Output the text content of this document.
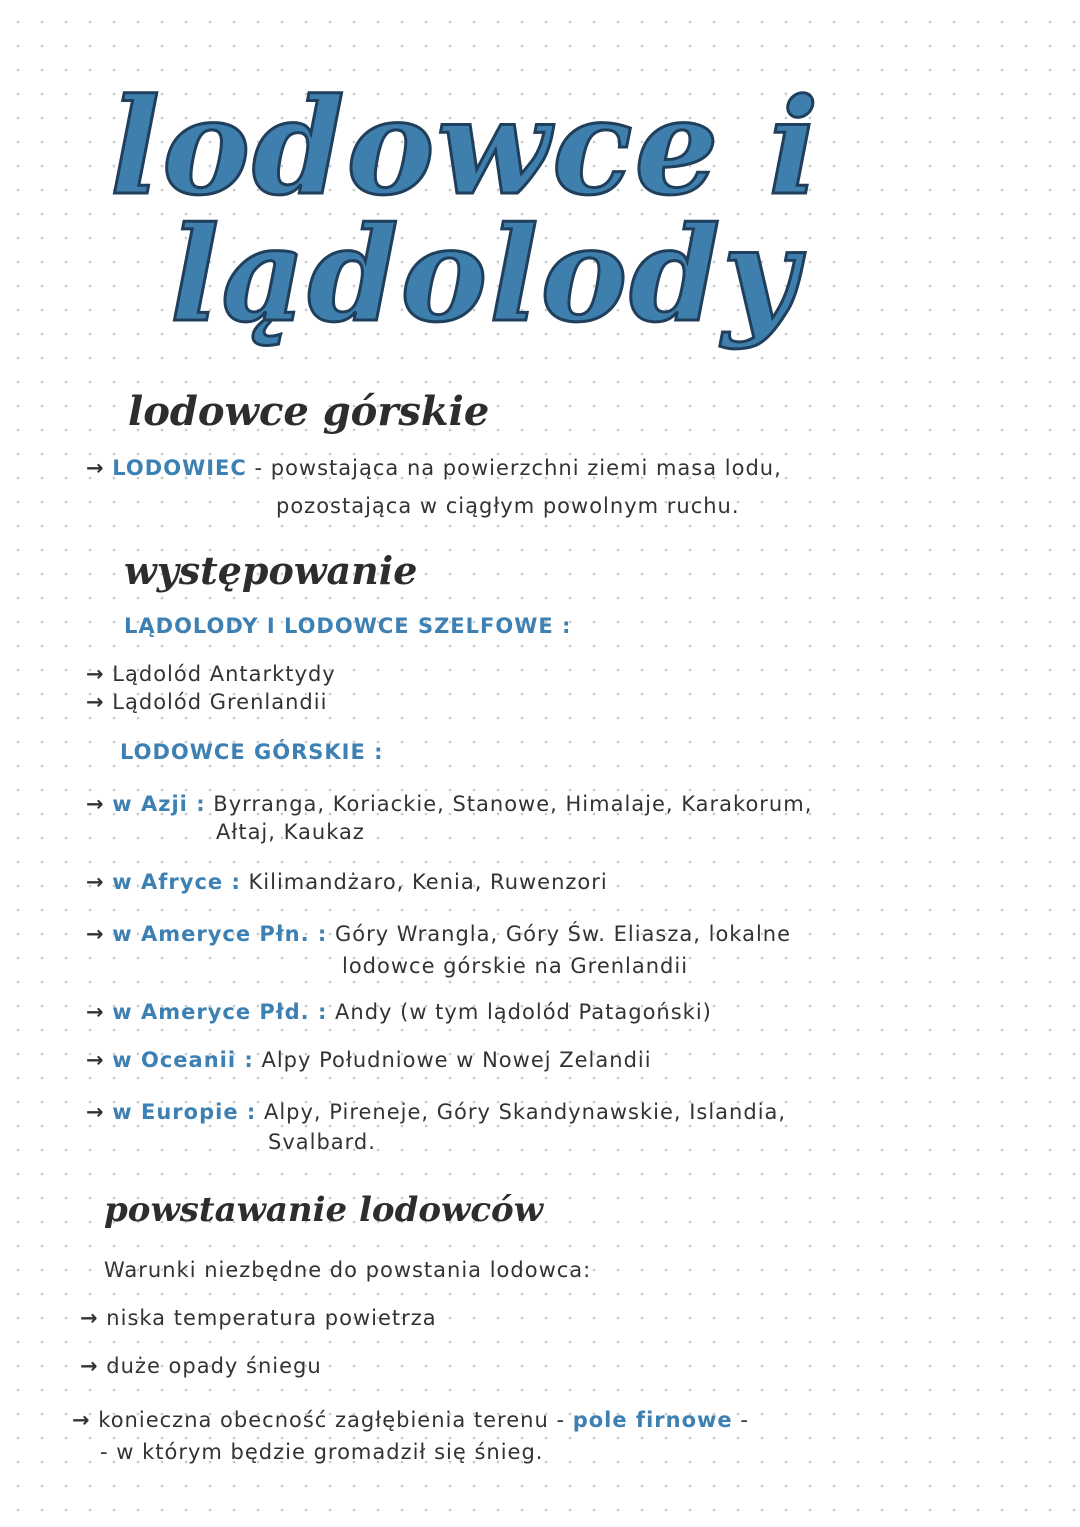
lodowce i
lądolody
lodowce górskie
→ LODOWIEC - powstająca na powierzchni ziemi masa lodu,
pozostająca w ciągłym powolnym ruchu.
występowanie
LĄDOLODY I LODOWCE SZELFOWE :
→ Lądolód Antarktydy
→ Lądolód Grenlandii
LODOWCE GÓRSKIE :
→ w Azji : Byrranga, Koriackie, Stanowe, Himalaje, Karakorum,
Ałtaj, Kaukaz
→ w Afryce : Kilimandżaro, Kenia, Ruwenzori
→ w Ameryce Płn. : Góry Wrangla, Góry Św. Eliasza, lokalne
lodowce górskie na Grenlandii
→ w Ameryce Płd. : Andy (w tym lądolód Patagoński)
→ w Oceanii : Alpy Południowe w Nowej Zelandii
→ w Europie : Alpy, Pireneje, Góry Skandynawskie, Islandia,
Svalbard.
powstawanie lodowców
Warunki niezbędne do powstania lodowca:
→ niska temperatura powietrza
→ duże opady śniegu
→ konieczna obecność zagłębienia terenu - pole firnowe -
- w którym będzie gromadził się śnieg.
